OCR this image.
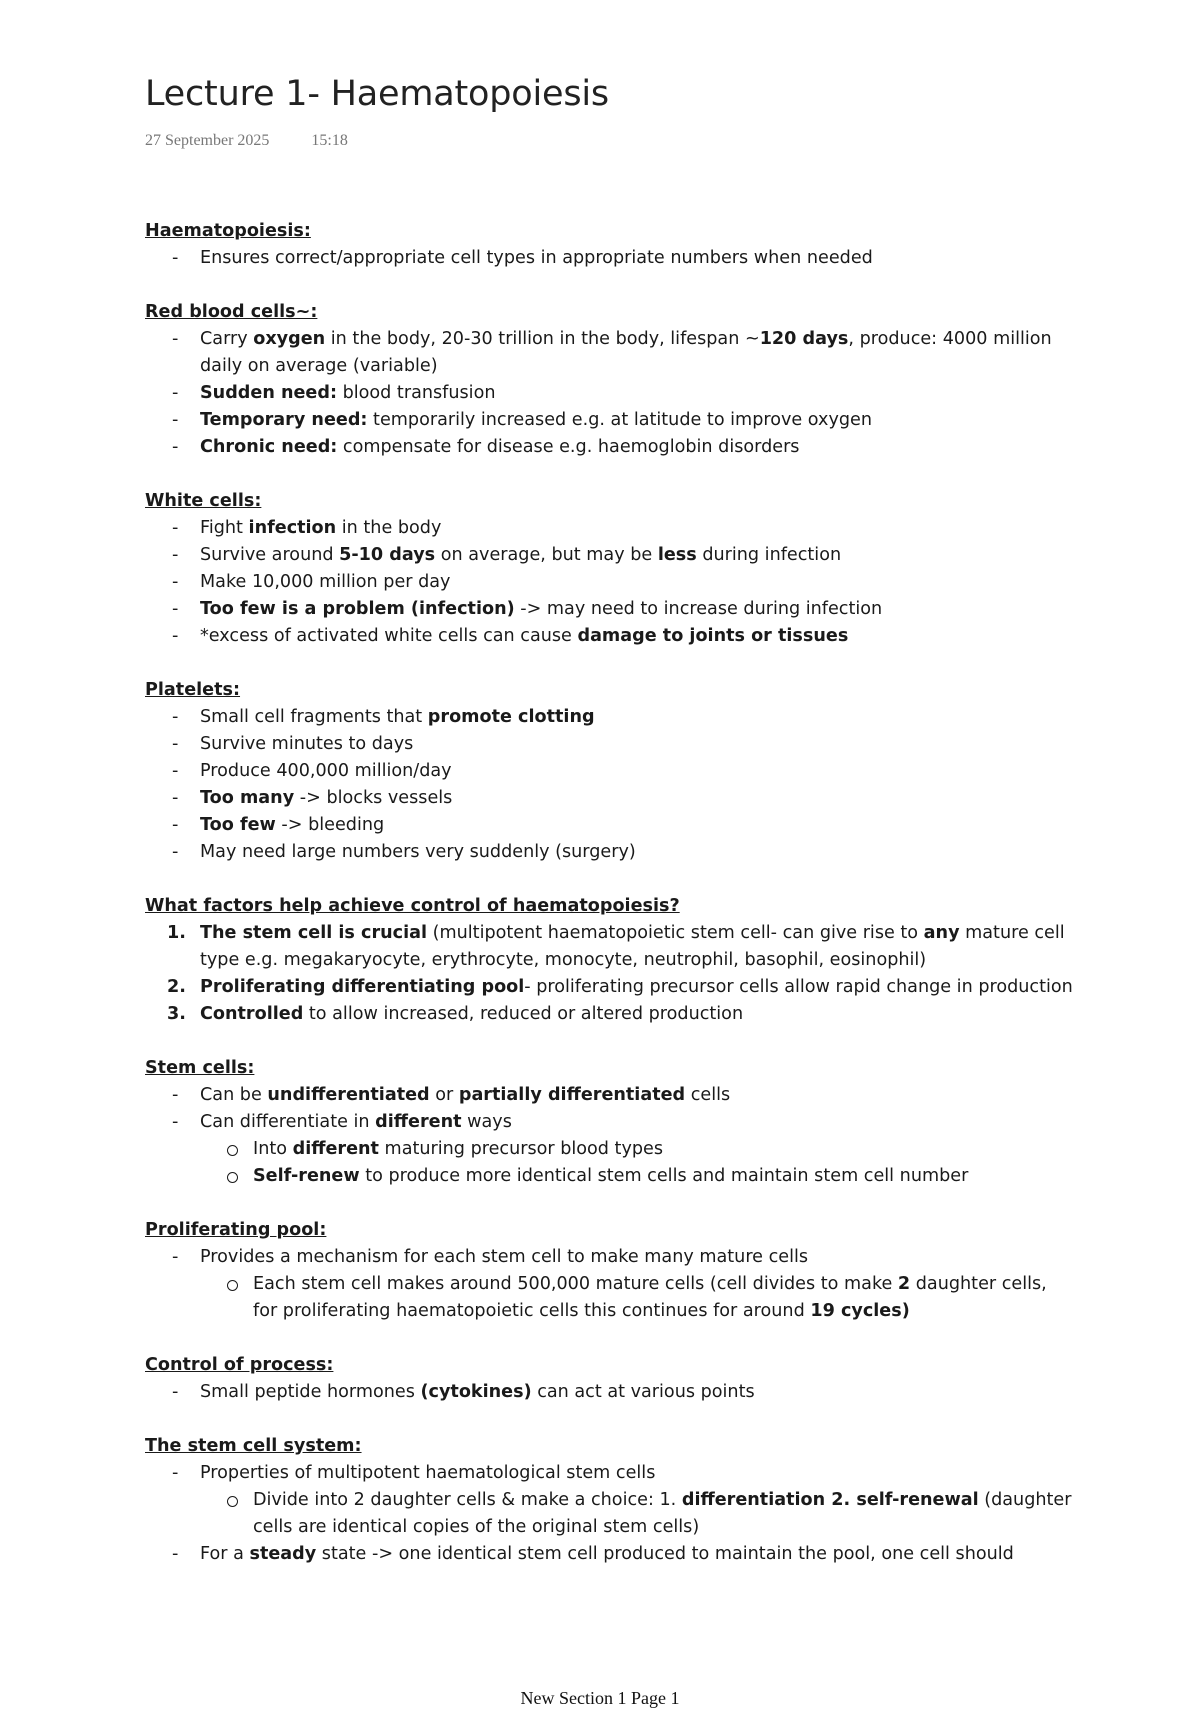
Lecture 1- Haematopoiesis
27 September 2025	15:18
Haematopoiesis:
- Ensures correct/appropriate cell types in appropriate numbers when needed
Red blood cells~:
- Carry oxygen in the body, 20-30 trillion in the body, lifespan ~120 days, produce: 4000 million daily on average (variable)
- Sudden need: blood transfusion
- Temporary need: temporarily increased e.g. at latitude to improve oxygen
- Chronic need: compensate for disease e.g. haemoglobin disorders
White cells:
- Fight infection in the body
- Survive around 5-10 days on average, but may be less during infection
- Make 10,000 million per day
- Too few is a problem (infection) -> may need to increase during infection
- *excess of activated white cells can cause damage to joints or tissues
Platelets:
- Small cell fragments that promote clotting
- Survive minutes to days
- Produce 400,000 million/day
- Too many -> blocks vessels
- Too few -> bleeding
- May need large numbers very suddenly (surgery)
What factors help achieve control of haematopoiesis?
1. The stem cell is crucial (multipotent haematopoietic stem cell- can give rise to any mature cell type e.g. megakaryocyte, erythrocyte, monocyte, neutrophil, basophil, eosinophil)
2. Proliferating differentiating pool- proliferating precursor cells allow rapid change in production
3. Controlled to allow increased, reduced or altered production
Stem cells:
- Can be undifferentiated or partially differentiated cells
- Can differentiate in different ways
Into different maturing precursor blood types
Self-renew to produce more identical stem cells and maintain stem cell number
Proliferating pool:
- Provides a mechanism for each stem cell to make many mature cells
Each stem cell makes around 500,000 mature cells (cell divides to make 2 daughter cells, for proliferating haematopoietic cells this continues for around 19 cycles)
Control of process:
- Small peptide hormones (cytokines) can act at various points
The stem cell system:
- Properties of multipotent haematological stem cells
Divide into 2 daughter cells & make a choice: 1. differentiation 2. self-renewal (daughter cells are identical copies of the original stem cells)
- For a steady state -> one identical stem cell produced to maintain the pool, one cell should
New Section 1 Page 1
